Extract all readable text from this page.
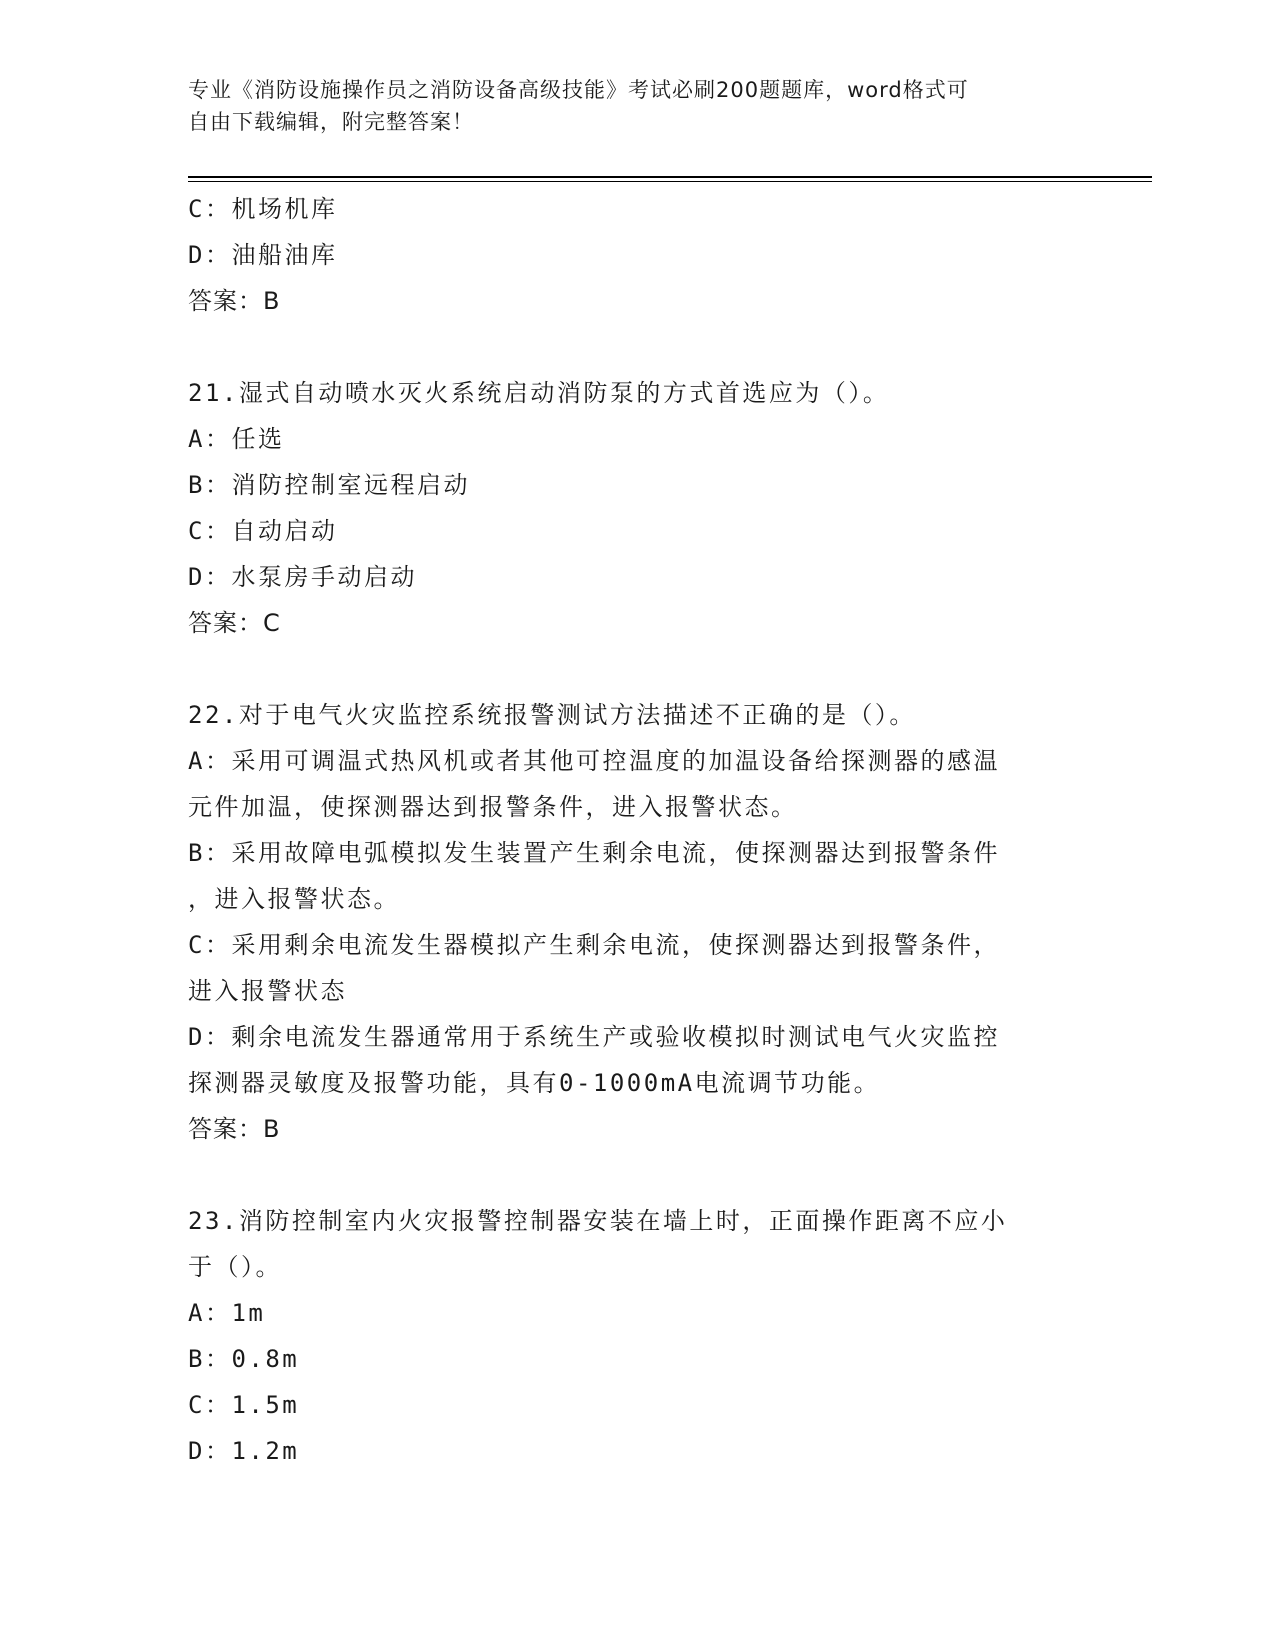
专业《消防设施操作员之消防设备高级技能》考试必刷200题题库，word格式可
自由下载编辑，附完整答案！

C：机场机库

D：油船油库

答案：B

21.湿式自动喷水灭火系统启动消防泵的方式首选应为（）。

A：任选

B：消防控制室远程启动

C：自动启动

D：水泵房手动启动

答案：C

22.对于电气火灾监控系统报警测试方法描述不正确的是（）。

A：采用可调温式热风机或者其他可控温度的加温设备给探测器的感温

元件加温，使探测器达到报警条件，进入报警状态。

B：采用故障电弧模拟发生装置产生剩余电流，使探测器达到报警条件

，进入报警状态。

C：采用剩余电流发生器模拟产生剩余电流，使探测器达到报警条件，

进入报警状态

D：剩余电流发生器通常用于系统生产或验收模拟时测试电气火灾监控

探测器灵敏度及报警功能，具有0-1000mA电流调节功能。

答案：B

23.消防控制室内火灾报警控制器安装在墙上时，正面操作距离不应小

于（）。

A：1m

B：0.8m

C：1.5m

D：1.2m
